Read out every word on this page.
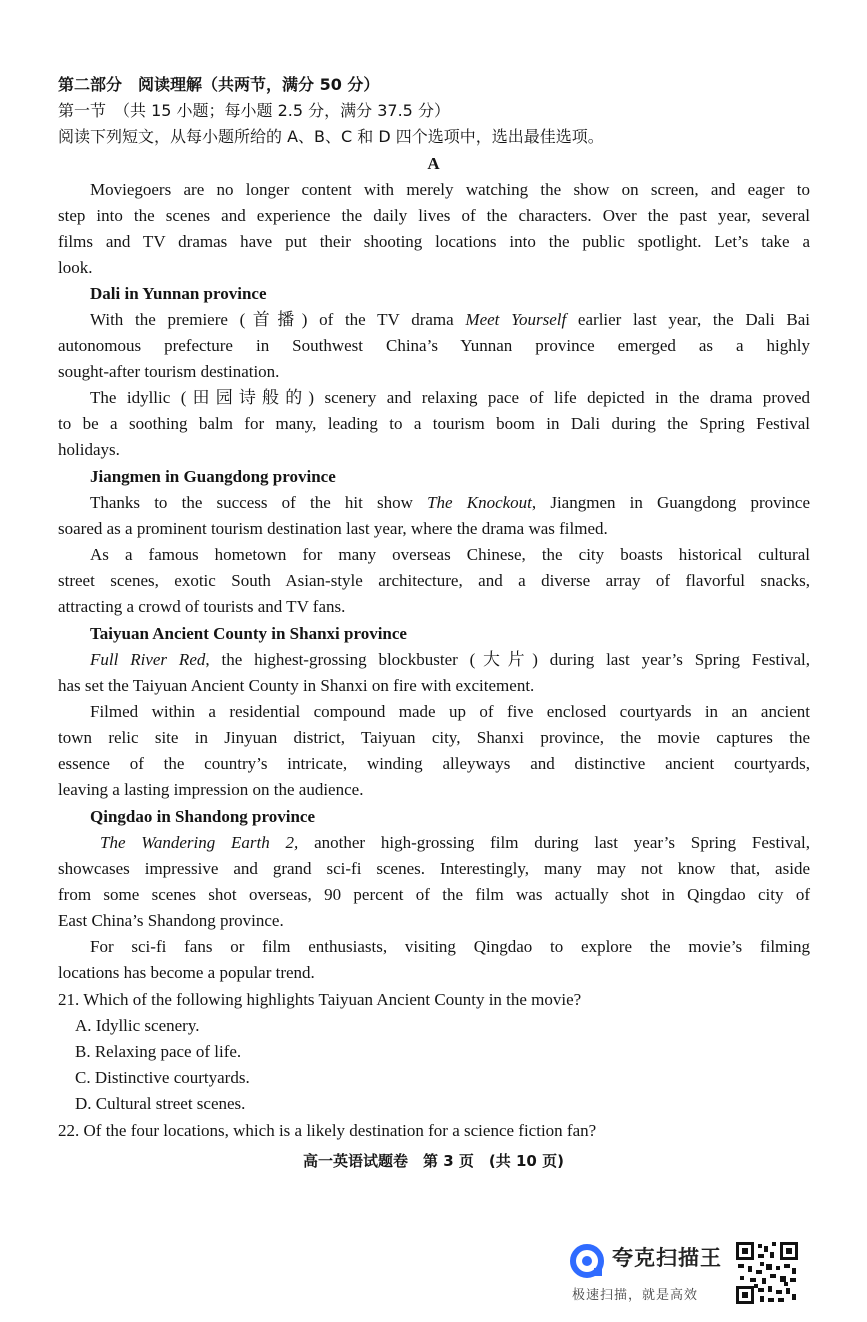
第二部分　阅读理解（共两节，满分 50 分）
第一节　（共 15 小题；每小题 2.5 分，满分 37.5 分）
阅读下列短文，从每小题所给的 A、B、C 和 D 四个选项中，选出最佳选项。
A
Moviegoers are no longer content with merely watching the show on screen, and eager to
step into the scenes and experience the daily lives of the characters. Over the past year, several
films and TV dramas have put their shooting locations into the public spotlight. Let’s take a
look.
Dali in Yunnan province
With the premiere (首播) of the TV drama Meet Yourself earlier last year, the Dali Bai
autonomous prefecture in Southwest China’s Yunnan province emerged as a highly
sought-after tourism destination.
The idyllic (田园诗般的) scenery and relaxing pace of life depicted in the drama proved
to be a soothing balm for many, leading to a tourism boom in Dali during the Spring Festival
holidays.
Jiangmen in Guangdong province
Thanks to the success of the hit show The Knockout, Jiangmen in Guangdong province
soared as a prominent tourism destination last year, where the drama was filmed.
As a famous hometown for many overseas Chinese, the city boasts historical cultural
street scenes, exotic South Asian-style architecture, and a diverse array of flavorful snacks,
attracting a crowd of tourists and TV fans.
Taiyuan Ancient County in Shanxi province
Full River Red, the highest-grossing blockbuster (大片) during last year’s Spring Festival,
has set the Taiyuan Ancient County in Shanxi on fire with excitement.
Filmed within a residential compound made up of five enclosed courtyards in an ancient
town relic site in Jinyuan district, Taiyuan city, Shanxi province, the movie captures the
essence of the country’s intricate, winding alleyways and distinctive ancient courtyards,
leaving a lasting impression on the audience.
Qingdao in Shandong province
The Wandering Earth 2, another high-grossing film during last year’s Spring Festival,
showcases impressive and grand sci-fi scenes. Interestingly, many may not know that, aside
from some scenes shot overseas, 90 percent of the film was actually shot in Qingdao city of
East China’s Shandong province.
For sci-fi fans or film enthusiasts, visiting Qingdao to explore the movie’s filming
locations has become a popular trend.
21. Which of the following highlights Taiyuan Ancient County in the movie?
A. Idyllic scenery.
B. Relaxing pace of life.
C. Distinctive courtyards.
D. Cultural street scenes.
22. Of the four locations, which is a likely destination for a science fiction fan?
高一英语试题卷　第 3 页　(共 10 页)
夸克扫描王
极速扫描，就是高效
